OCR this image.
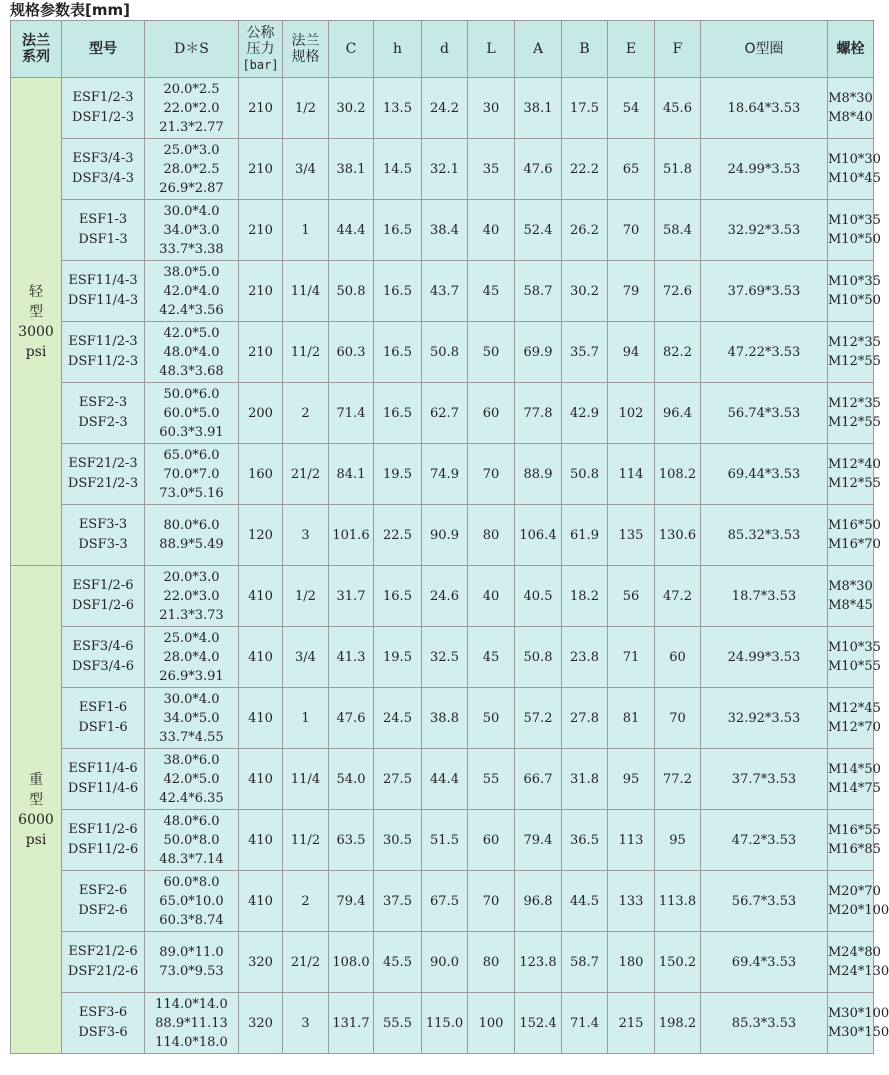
规格参数表[mm]
法兰
系列	型号	D＊S	公称
压力
[bar]	法兰
规格	C	h	d	L	A	B	E	F	O型圈	螺栓

轻
型
3000
psi	ESF1/2-3
DSF1/2-3	20.0*2.5
22.0*2.0
21.3*2.77	210	1/2	30.2	13.5	24.2	30	38.1	17.5	54	45.6	18.64*3.53	M8*30
M8*40

	ESF3/4-3
DSF3/4-3	25.0*3.0
28.0*2.5
26.9*2.87	210	3/4	38.1	14.5	32.1	35	47.6	22.2	65	51.8	24.99*3.53	M10*30
M10*45

	ESF1-3
DSF1-3	30.0*4.0
34.0*3.0
33.7*3.38	210	1	44.4	16.5	38.4	40	52.4	26.2	70	58.4	32.92*3.53	M10*35
M10*50

	ESF11/4-3
DSF11/4-3	38.0*5.0
42.0*4.0
42.4*3.56	210	11/4	50.8	16.5	43.7	45	58.7	30.2	79	72.6	37.69*3.53	M10*35
M10*50

	ESF11/2-3
DSF11/2-3	42.0*5.0
48.0*4.0
48.3*3.68	210	11/2	60.3	16.5	50.8	50	69.9	35.7	94	82.2	47.22*3.53	M12*35
M12*55

	ESF2-3
DSF2-3	50.0*6.0
60.0*5.0
60.3*3.91	200	2	71.4	16.5	62.7	60	77.8	42.9	102	96.4	56.74*3.53	M12*35
M12*55

	ESF21/2-3
DSF21/2-3	65.0*6.0
70.0*7.0
73.0*5.16	160	21/2	84.1	19.5	74.9	70	88.9	50.8	114	108.2	69.44*3.53	M12*40
M12*55

	ESF3-3
DSF3-3	80.0*6.0
88.9*5.49	120	3	101.6	22.5	90.9	80	106.4	61.9	135	130.6	85.32*3.53	M16*50
M16*70

重
型
6000
psi	ESF1/2-6
DSF1/2-6	20.0*3.0
22.0*3.0
21.3*3.73	410	1/2	31.7	16.5	24.6	40	40.5	18.2	56	47.2	18.7*3.53	M8*30
M8*45

	ESF3/4-6
DSF3/4-6	25.0*4.0
28.0*4.0
26.9*3.91	410	3/4	41.3	19.5	32.5	45	50.8	23.8	71	60	24.99*3.53	M10*35
M10*55

	ESF1-6
DSF1-6	30.0*4.0
34.0*5.0
33.7*4.55	410	1	47.6	24.5	38.8	50	57.2	27.8	81	70	32.92*3.53	M12*45
M12*70

	ESF11/4-6
DSF11/4-6	38.0*6.0
42.0*5.0
42.4*6.35	410	11/4	54.0	27.5	44.4	55	66.7	31.8	95	77.2	37.7*3.53	M14*50
M14*75

	ESF11/2-6
DSF11/2-6	48.0*6.0
50.0*8.0
48.3*7.14	410	11/2	63.5	30.5	51.5	60	79.4	36.5	113	95	47.2*3.53	M16*55
M16*85

	ESF2-6
DSF2-6	60.0*8.0
65.0*10.0
60.3*8.74	410	2	79.4	37.5	67.5	70	96.8	44.5	133	113.8	56.7*3.53	M20*70
M20*100

	ESF21/2-6
DSF21/2-6	89.0*11.0
73.0*9.53	320	21/2	108.0	45.5	90.0	80	123.8	58.7	180	150.2	69.4*3.53	M24*80
M24*130

	ESF3-6
DSF3-6	114.0*14.0
88.9*11.13
114.0*18.0	320	3	131.7	55.5	115.0	100	152.4	71.4	215	198.2	85.3*3.53	M30*100
M30*150
